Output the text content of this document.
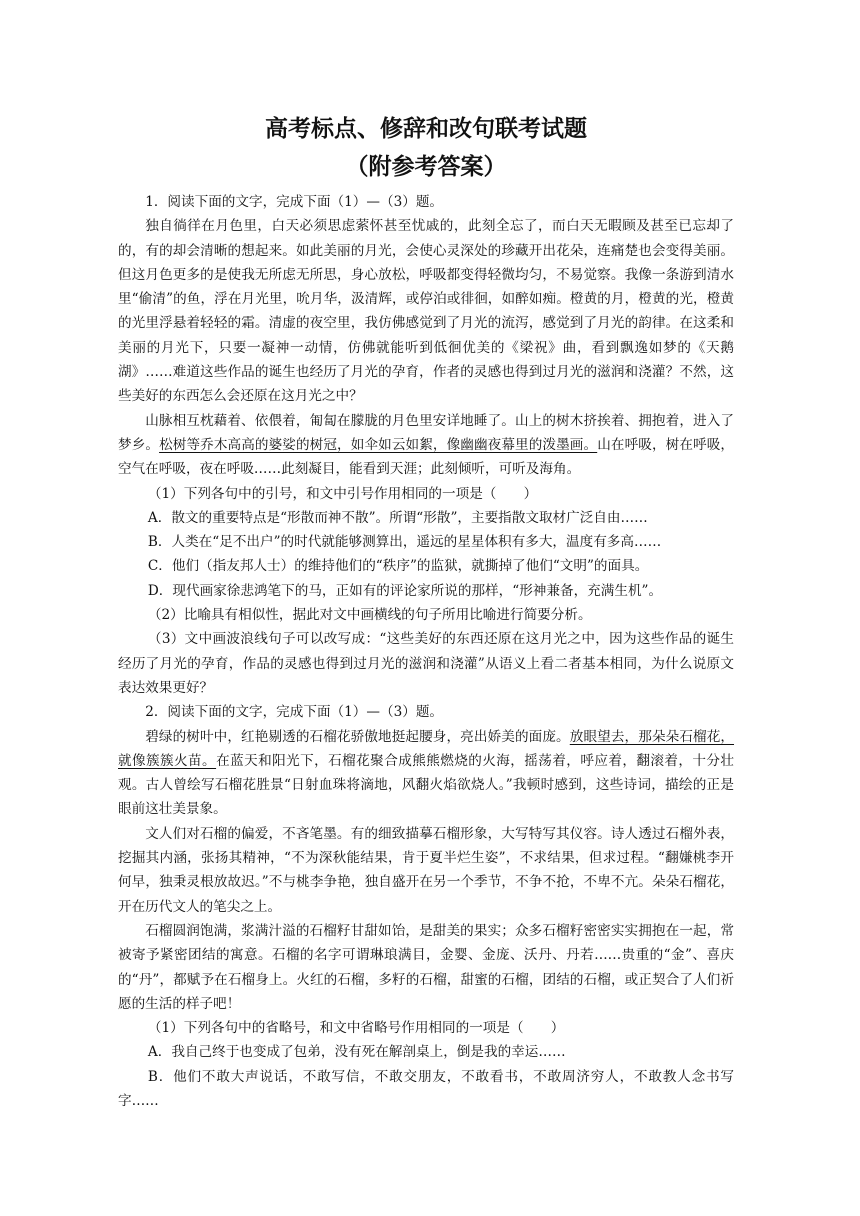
高考标点、修辞和改句联考试题
（附参考答案）

1．阅读下面的文字，完成下面（1）—（3）题。

独自徜徉在月色里，白天必须思虑萦怀甚至忧戚的，此刻全忘了，而白天无暇顾及甚至已忘却了的，有的却会清晰的想起来。如此美丽的月光，会使心灵深处的珍藏开出花朵，连痛楚也会变得美丽。但这月色更多的是使我无所虑无所思，身心放松，呼吸都变得轻微均匀，不易觉察。我像一条游到清水里“偷清”的鱼，浮在月光里，吮月华，汲清辉，或停泊或徘徊，如醉如痴。橙黄的月，橙黄的光，橙黄的光里浮悬着轻轻的霜。清虚的夜空里，我仿佛感觉到了月光的流泻，感觉到了月光的韵律。在这柔和美丽的月光下，只要一凝神一动情，仿佛就能听到低徊优美的《梁祝》曲，看到飘逸如梦的《天鹅湖》……难道这些作品的诞生也经历了月光的孕育，作者的灵感也得到过月光的滋润和浇灌？不然，这些美好的东西怎么会还原在这月光之中？

山脉相互枕藉着、依偎着，匍匐在朦胧的月色里安详地睡了。山上的树木挤挨着、拥抱着，进入了梦乡。松树等乔木高高的婆娑的树冠，如伞如云如絮，像幽幽夜幕里的泼墨画。山在呼吸，树在呼吸，空气在呼吸，夜在呼吸……此刻凝目，能看到天涯；此刻倾听，可听及海角。

（1）下列各句中的引号，和文中引号作用相同的一项是（　　）

A．散文的重要特点是“形散而神不散”。所谓“形散”，主要指散文取材广泛自由……

B．人类在“足不出户”的时代就能够测算出，遥远的星星体积有多大，温度有多高……

C．他们（指友邦人士）的维持他们的“秩序”的监狱，就撕掉了他们“文明”的面具。

D．现代画家徐悲鸿笔下的马，正如有的评论家所说的那样，“形神兼备，充满生机”。

（2）比喻具有相似性，据此对文中画横线的句子所用比喻进行简要分析。

（3）文中画波浪线句子可以改写成：“这些美好的东西还原在这月光之中，因为这些作品的诞生经历了月光的孕育，作品的灵感也得到过月光的滋润和浇灌”从语义上看二者基本相同，为什么说原文表达效果更好？

2．阅读下面的文字，完成下面（1）—（3）题。

碧绿的树叶中，红艳剔透的石榴花骄傲地挺起腰身，亮出娇美的面庞。放眼望去，那朵朵石榴花，就像簇簇火苗。在蓝天和阳光下，石榴花聚合成熊熊燃烧的火海，摇荡着，呼应着，翻滚着，十分壮观。古人曾绘写石榴花胜景“日射血珠将滴地，风翻火焰欲烧人。”我顿时感到，这些诗词，描绘的正是眼前这壮美景象。

文人们对石榴的偏爱，不吝笔墨。有的细致描摹石榴形象，大写特写其仪容。诗人透过石榴外表，挖掘其内涵，张扬其精神，“不为深秋能结果，肯于夏半烂生姿”，不求结果，但求过程。“翻嫌桃李开何早，独秉灵根放故迟。”不与桃李争艳，独自盛开在另一个季节，不争不抢，不卑不亢。朵朵石榴花，开在历代文人的笔尖之上。

石榴圆润饱满，浆满汁溢的石榴籽甘甜如饴，是甜美的果实；众多石榴籽密密实实拥抱在一起，常被寄予紧密团结的寓意。石榴的名字可谓琳琅满目，金婴、金庞、沃丹、丹若……贵重的“金”、喜庆的“丹”，都赋予在石榴身上。火红的石榴，多籽的石榴，甜蜜的石榴，团结的石榴，或正契合了人们祈愿的生活的样子吧！

（1）下列各句中的省略号，和文中省略号作用相同的一项是（　　）

A．我自己终于也变成了包弟，没有死在解剖桌上，倒是我的幸运……

B．他们不敢大声说话，不敢写信，不敢交朋友，不敢看书，不敢周济穷人，不敢教人念书写字……
